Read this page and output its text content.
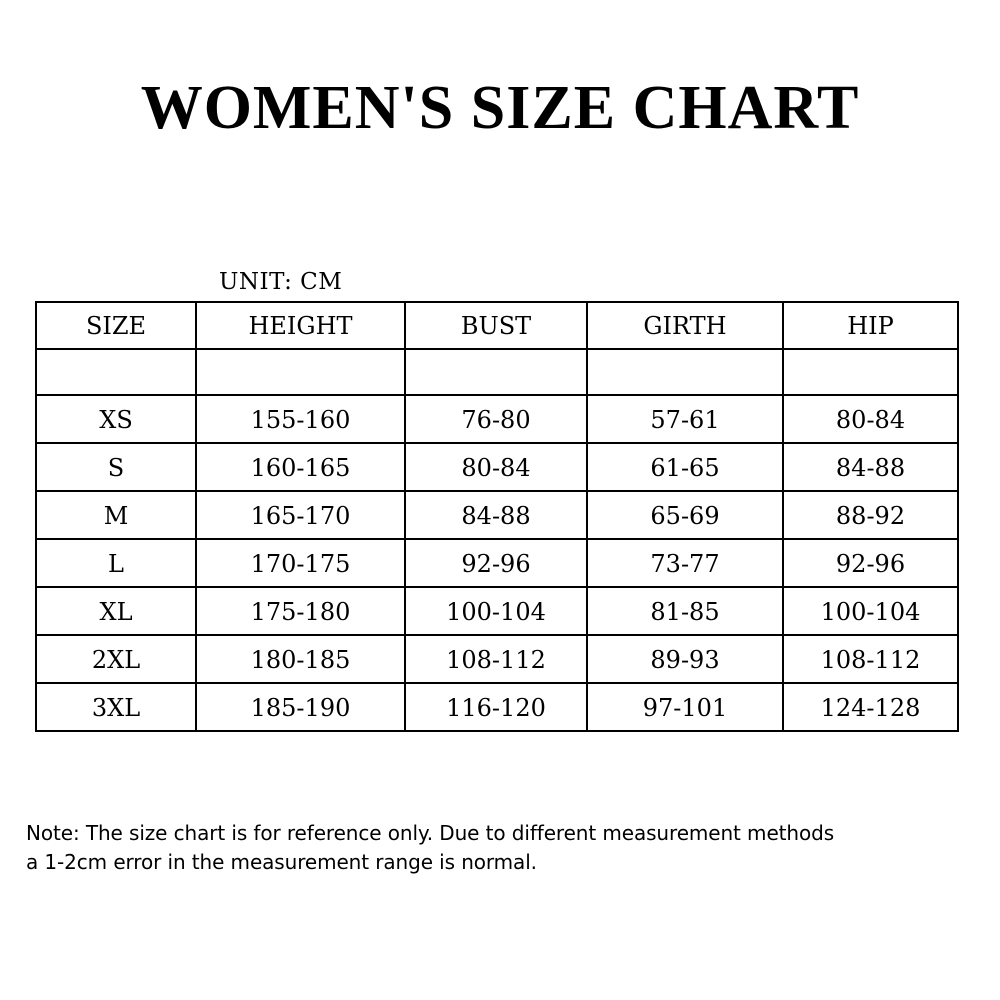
WOMEN'S SIZE CHART
UNIT: CM
SIZE	HEIGHT	BUST	GIRTH	HIP

XS	155-160	76-80	57-61	80-84
S	160-165	80-84	61-65	84-88
M	165-170	84-88	65-69	88-92
L	170-175	92-96	73-77	92-96
XL	175-180	100-104	81-85	100-104
2XL	180-185	108-112	89-93	108-112
3XL	185-190	116-120	97-101	124-128
Note: The size chart is for reference only. Due to different measurement methods
a 1-2cm error in the measurement range is normal.
